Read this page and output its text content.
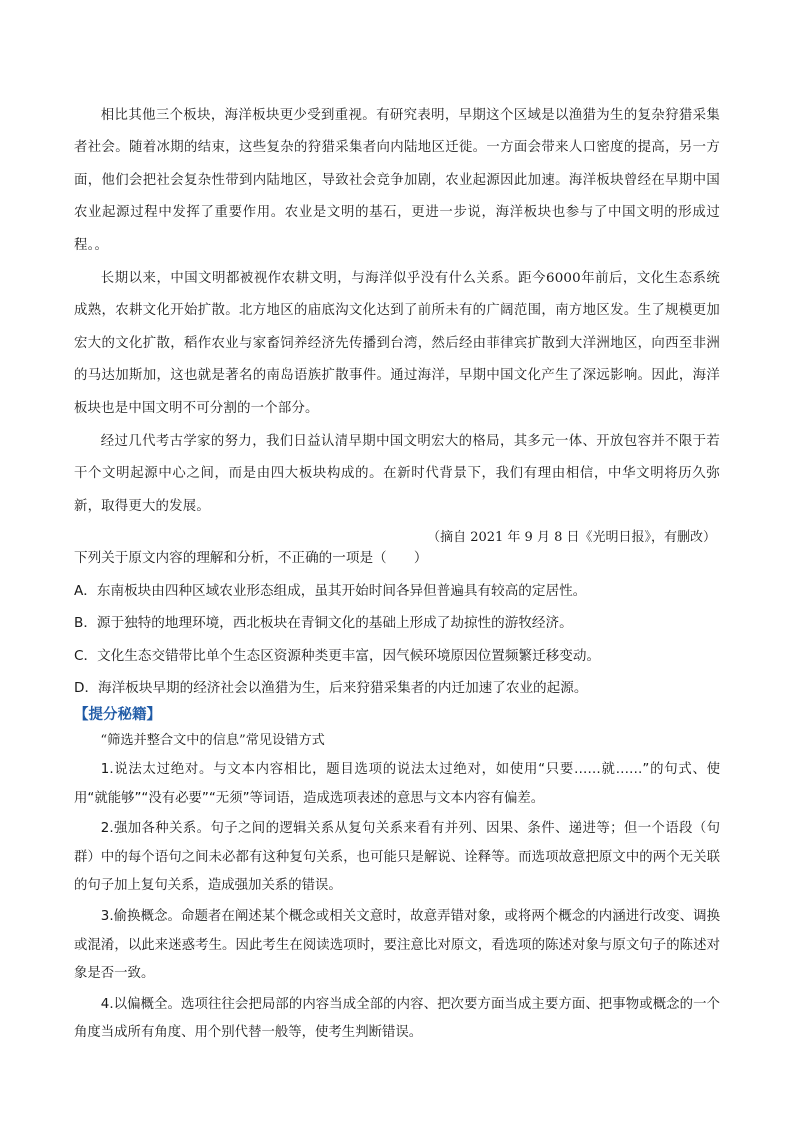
相比其他三个板块，海洋板块更少受到重视。有研究表明，早期这个区域是以渔猎为生的复杂狩猎采集者社会。随着冰期的结束，这些复杂的狩猎采集者向内陆地区迁徙。一方面会带来人口密度的提高，另一方面，他们会把社会复杂性带到内陆地区，导致社会竞争加剧，农业起源因此加速。海洋板块曾经在早期中国农业起源过程中发挥了重要作用。农业是文明的基石，更进一步说，海洋板块也参与了中国文明的形成过程。。

长期以来，中国文明都被视作农耕文明，与海洋似乎没有什么关系。距今6000年前后，文化生态系统成熟，农耕文化开始扩散。北方地区的庙底沟文化达到了前所未有的广阔范围，南方地区发。生了规模更加宏大的文化扩散，稻作农业与家畜饲养经济先传播到台湾，然后经由菲律宾扩散到大洋洲地区，向西至非洲的马达加斯加，这也就是著名的南岛语族扩散事件。通过海洋，早期中国文化产生了深远影响。因此，海洋板块也是中国文明不可分割的一个部分。

经过几代考古学家的努力，我们日益认清早期中国文明宏大的格局，其多元一体、开放包容并不限于若干个文明起源中心之间，而是由四大板块构成的。在新时代背景下，我们有理由相信，中华文明将历久弥新，取得更大的发展。

（摘自 2021 年 9 月 8 日《光明日报》，有删改）

下列关于原文内容的理解和分析，不正确的一项是（　　）

A．东南板块由四种区域农业形态组成，虽其开始时间各异但普遍具有较高的定居性。

B．源于独特的地理环境，西北板块在青铜文化的基础上形成了劫掠性的游牧经济。

C．文化生态交错带比单个生态区资源种类更丰富，因气候环境原因位置频繁迁移变动。

D．海洋板块早期的经济社会以渔猎为生，后来狩猎采集者的内迁加速了农业的起源。

【提分秘籍】

“筛选并整合文中的信息”常见设错方式

1.说法太过绝对。与文本内容相比，题目选项的说法太过绝对，如使用“只要……就……”的句式、使用“就能够”“没有必要”“无须”等词语，造成选项表述的意思与文本内容有偏差。

2.强加各种关系。句子之间的逻辑关系从复句关系来看有并列、因果、条件、递进等；但一个语段（句群）中的每个语句之间未必都有这种复句关系，也可能只是解说、诠释等。而选项故意把原文中的两个无关联的句子加上复句关系，造成强加关系的错误。

3.偷换概念。命题者在阐述某个概念或相关文意时，故意弄错对象，或将两个概念的内涵进行改变、调换或混淆，以此来迷惑考生。因此考生在阅读选项时，要注意比对原文，看选项的陈述对象与原文句子的陈述对象是否一致。

4.以偏概全。选项往往会把局部的内容当成全部的内容、把次要方面当成主要方面、把事物或概念的一个角度当成所有角度、用个别代替一般等，使考生判断错误。
